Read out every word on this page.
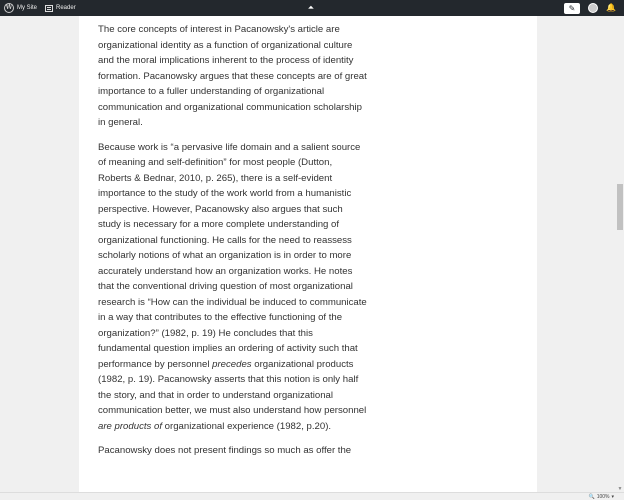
W My Site	Reader	⏶	✎	🔔

The core concepts of interest in Pacanowsky's article are organizational identity as a function of organizational culture and the moral implications inherent to the process of identity formation. Pacanowsky argues that these concepts are of great importance to a fuller understanding of organizational communication and organizational communication scholarship in general.

Because work is “a pervasive life domain and a salient source of meaning and self-definition” for most people (Dutton, Roberts & Bednar, 2010, p. 265), there is a self-evident importance to the study of the work world from a humanistic perspective. However, Pacanowsky also argues that such study is necessary for a more complete understanding of organizational functioning. He calls for the need to reassess scholarly notions of what an organization is in order to more accurately understand how an organization works. He notes that the conventional driving question of most organizational research is “How can the individual be induced to communicate in a way that contributes to the effective functioning of the organization?” (1982, p. 19) He concludes that this fundamental question implies an ordering of activity such that performance by personnel precedes organizational products (1982, p. 19). Pacanowsky asserts that this notion is only half the story, and that in order to understand organizational communication better, we must also understand how personnel are products of organizational experience (1982, p.20).

Pacanowsky does not present findings so much as offer the

▼
🔍 100% ▾
